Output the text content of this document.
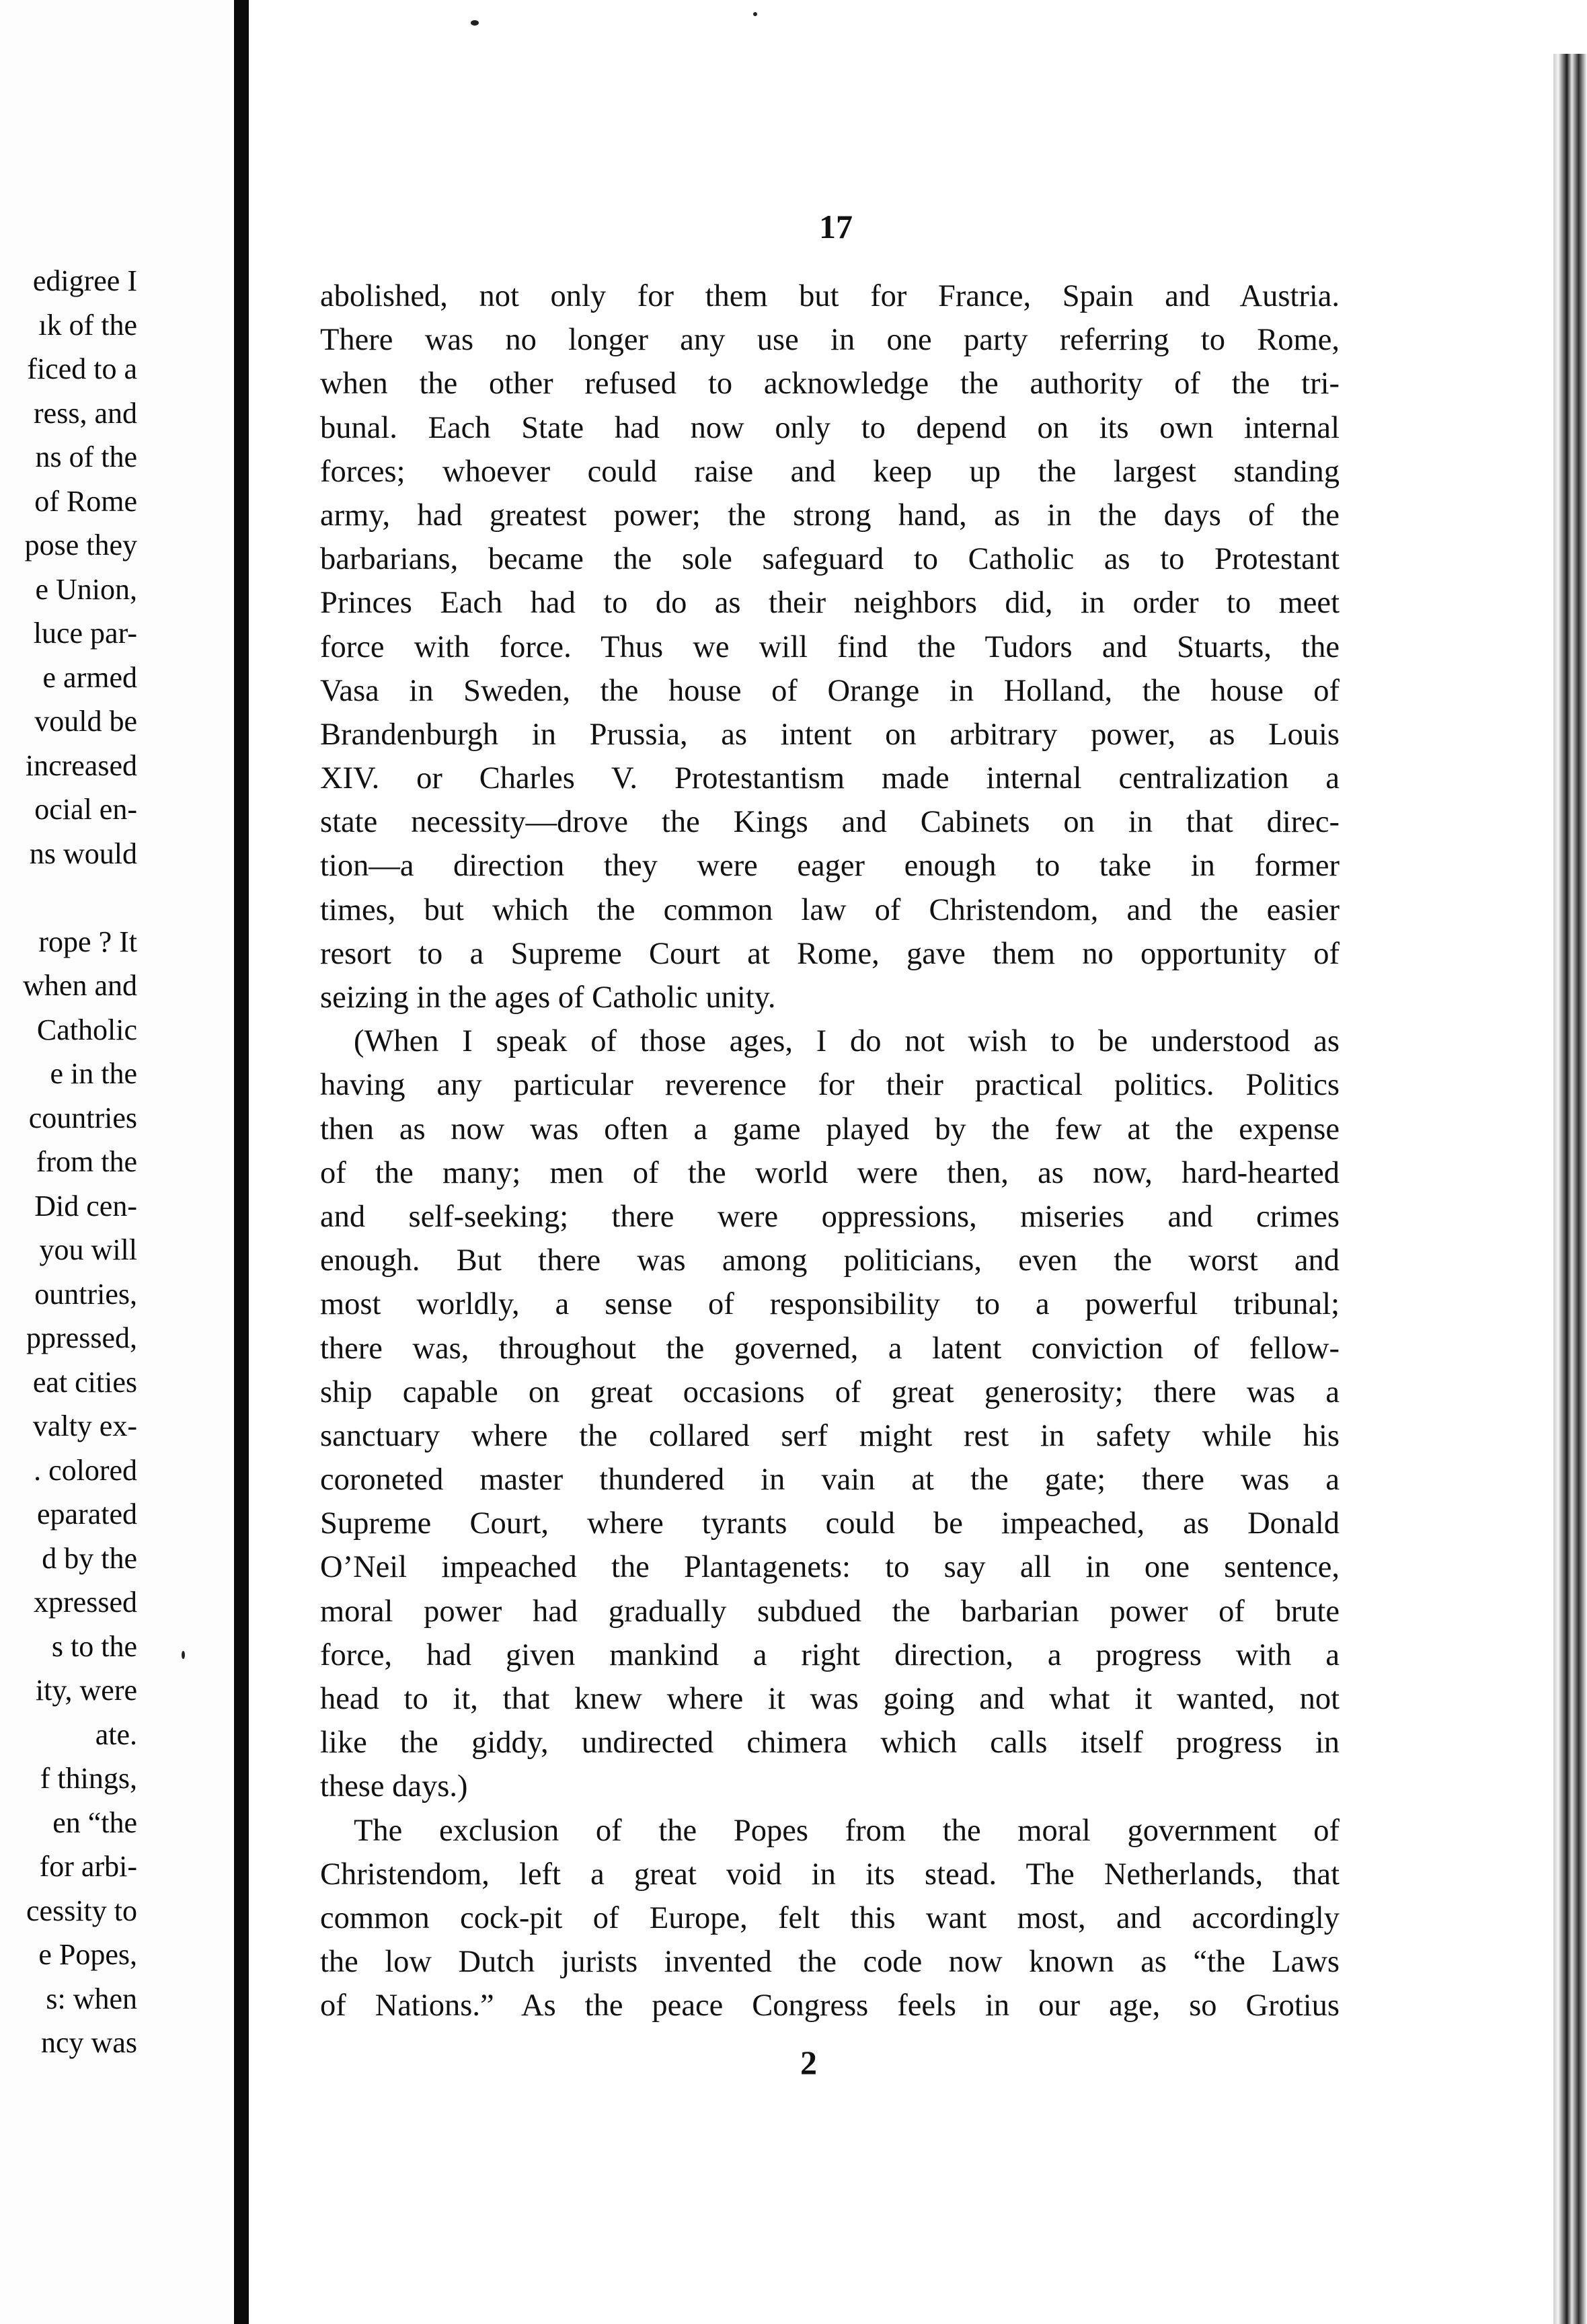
edigree I
ık of the
ficed to a
ress, and
ns of the
of Rome
pose they
e Union,
luce par-
e armed
vould be
increased
ocial en-
ns would
rope ? It
when and
Catholic
e in the
countries
from the
Did cen-
you will
ountries,
ppressed,
eat cities
valty ex-
. colored
eparated
d by the
xpressed
s to the
ity, were
ate.
f things,
en “the
for arbi-
cessity to
e Popes,
s: when
ncy was
17
abolished, not only for them but for France, Spain and Austria.
There was no longer any use in one party referring to Rome,
when the other refused to acknowledge the authority of the tri-
bunal. Each State had now only to depend on its own internal
forces; whoever could raise and keep up the largest standing
army, had greatest power; the strong hand, as in the days of the
barbarians, became the sole safeguard to Catholic as to Protestant
Princes Each had to do as their neighbors did, in order to meet
force with force. Thus we will find the Tudors and Stuarts, the
Vasa in Sweden, the house of Orange in Holland, the house of
Brandenburgh in Prussia, as intent on arbitrary power, as Louis
XIV. or Charles V. Protestantism made internal centralization a
state necessity—drove the Kings and Cabinets on in that direc-
tion—a direction they were eager enough to take in former
times, but which the common law of Christendom, and the easier
resort to a Supreme Court at Rome, gave them no opportunity of
seizing in the ages of Catholic unity.
(When I speak of those ages, I do not wish to be understood as
having any particular reverence for their practical politics. Politics
then as now was often a game played by the few at the expense
of the many; men of the world were then, as now, hard-hearted
and self-seeking; there were oppressions, miseries and crimes
enough. But there was among politicians, even the worst and
most worldly, a sense of responsibility to a powerful tribunal;
there was, throughout the governed, a latent conviction of fellow-
ship capable on great occasions of great generosity; there was a
sanctuary where the collared serf might rest in safety while his
coroneted master thundered in vain at the gate; there was a
Supreme Court, where tyrants could be impeached, as Donald
O’Neil impeached the Plantagenets: to say all in one sentence,
moral power had gradually subdued the barbarian power of brute
force, had given mankind a right direction, a progress with a
head to it, that knew where it was going and what it wanted, not
like the giddy, undirected chimera which calls itself progress in
these days.)
The exclusion of the Popes from the moral government of
Christendom, left a great void in its stead. The Netherlands, that
common cock-pit of Europe, felt this want most, and accordingly
the low Dutch jurists invented the code now known as “the Laws
of Nations.” As the peace Congress feels in our age, so Grotius
2
